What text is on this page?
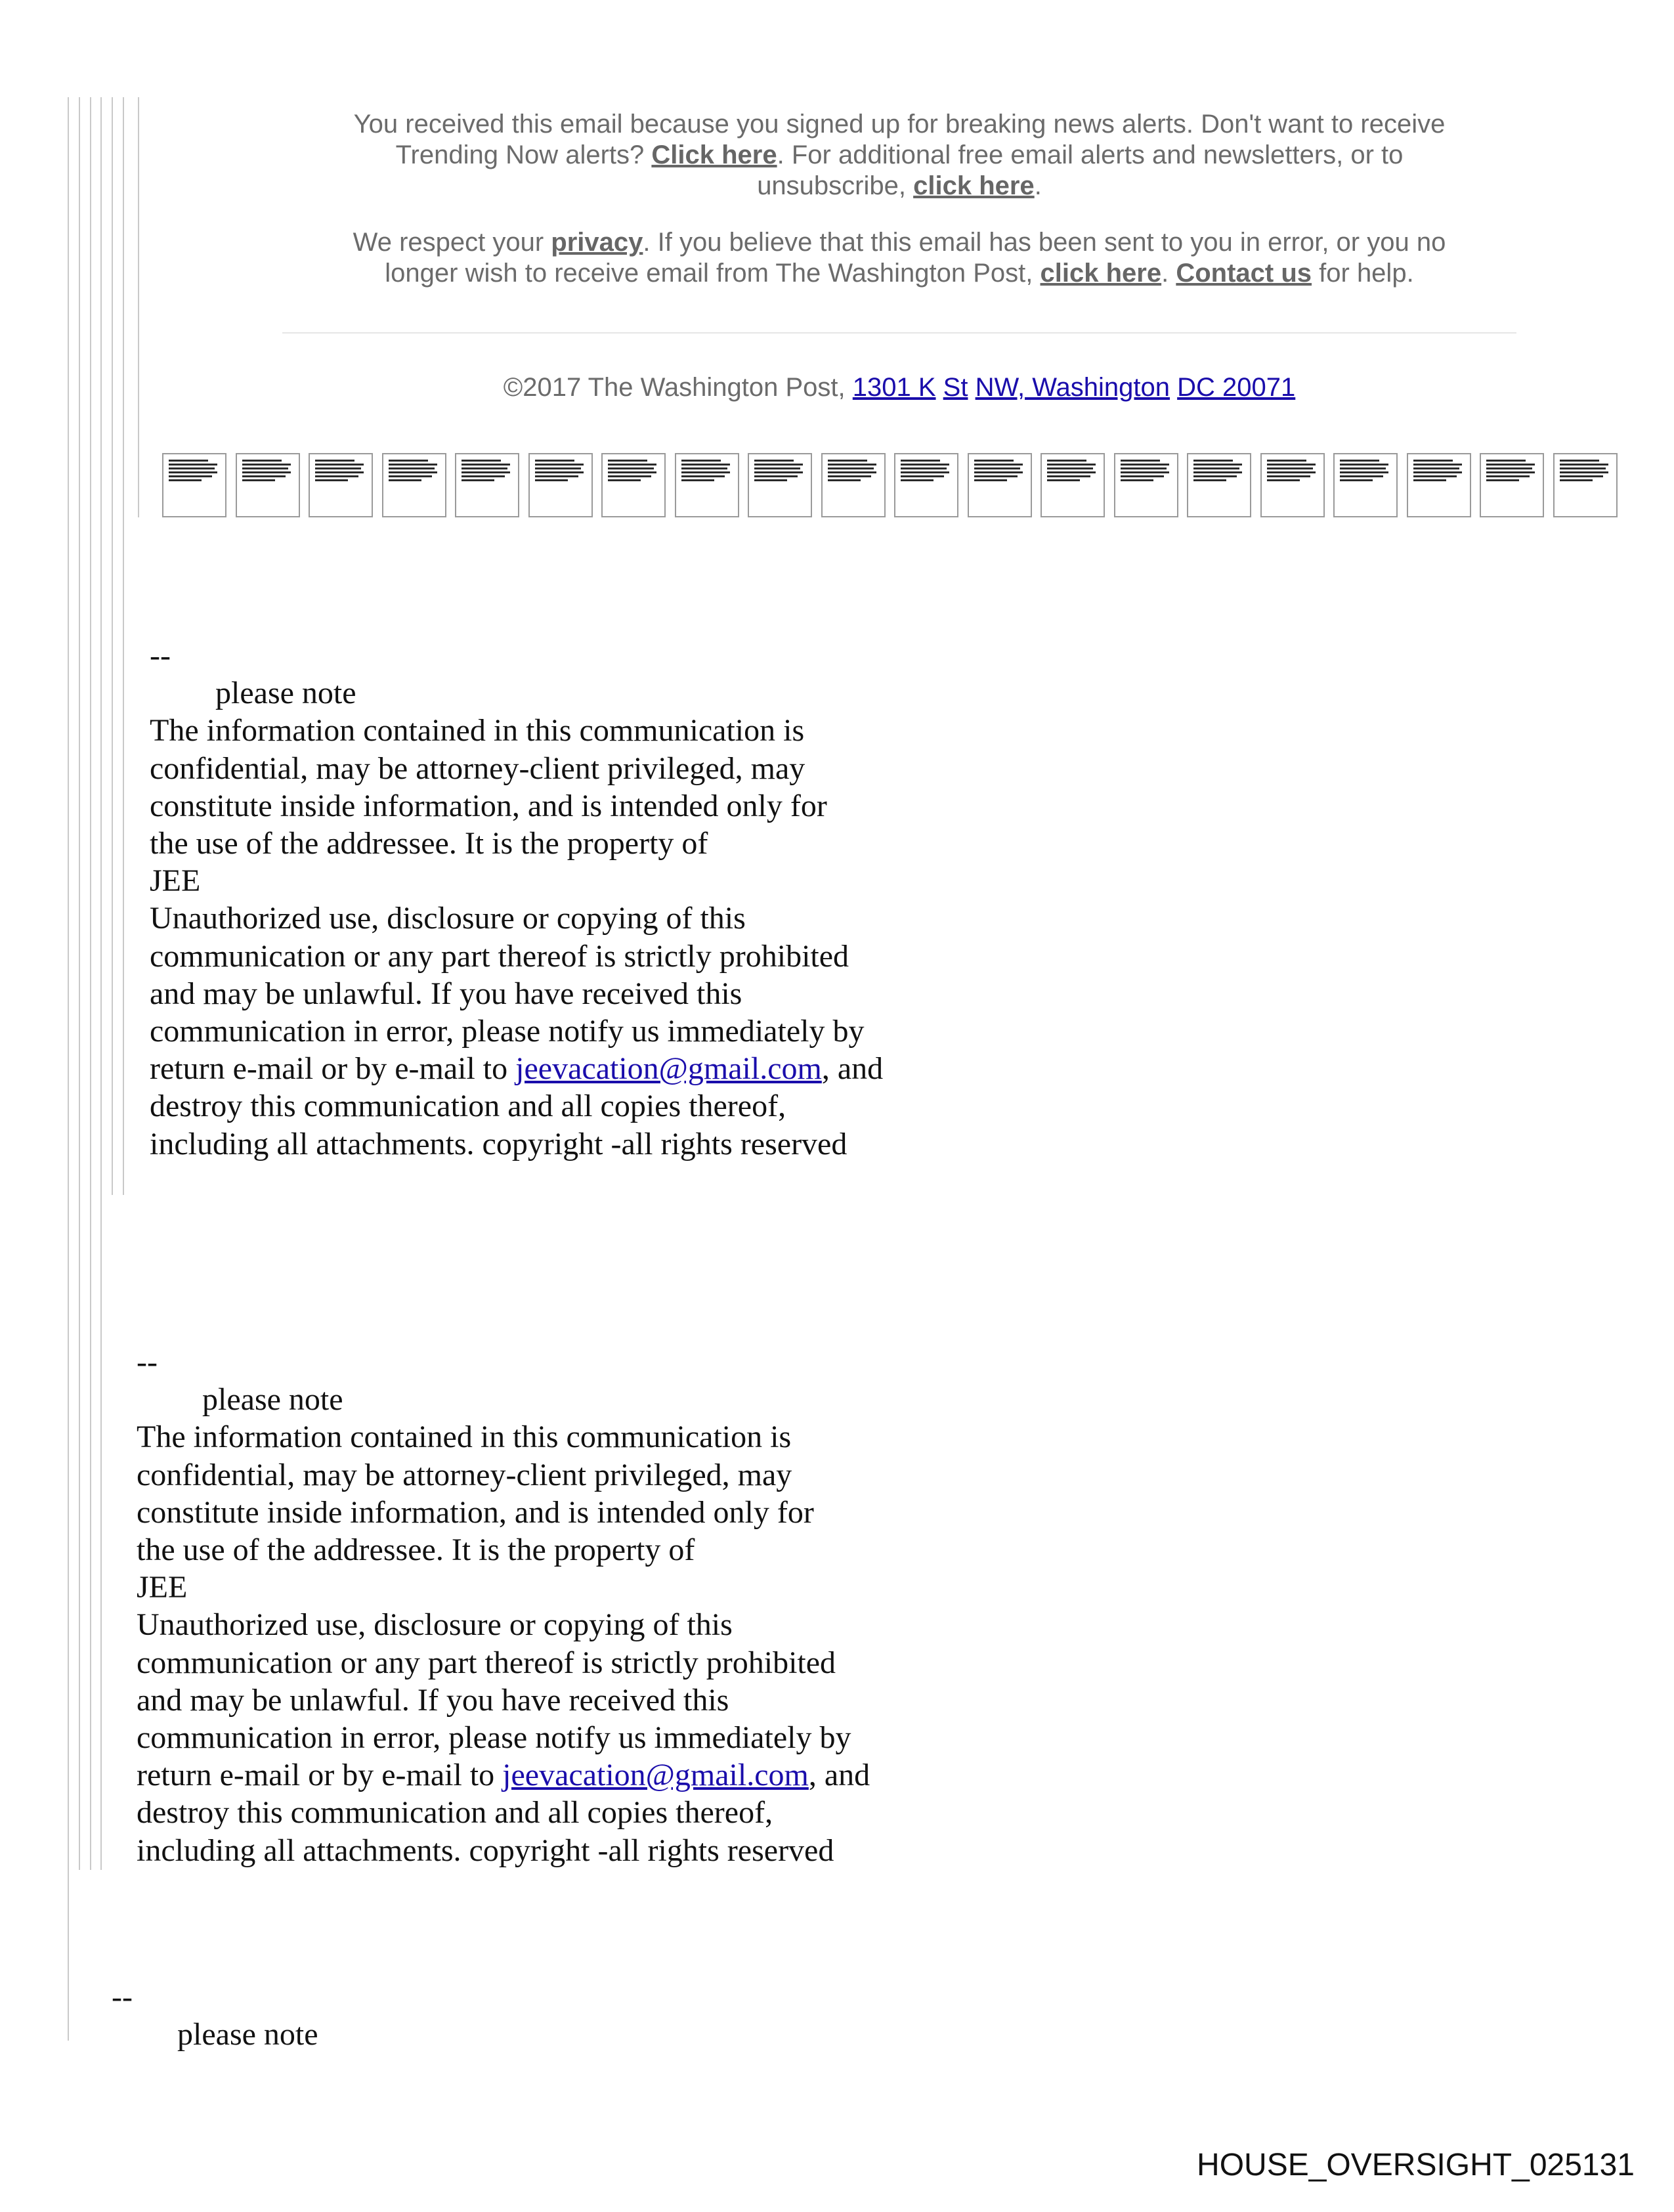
You received this email because you signed up for breaking news alerts. Don't want to receive
Trending Now alerts? Click here. For additional free email alerts and newsletters, or to
unsubscribe, click here.
We respect your privacy. If you believe that this email has been sent to you in error, or you no
longer wish to receive email from The Washington Post, click here. Contact us for help.
©2017 The Washington Post, 1301 K St NW, Washington DC 20071
--
please note
The information contained in this communication is
confidential, may be attorney-client privileged, may
constitute inside information, and is intended only for
the use of the addressee. It is the property of
JEE
Unauthorized use, disclosure or copying of this
communication or any part thereof is strictly prohibited
and may be unlawful. If you have received this
communication in error, please notify us immediately by
return e-mail or by e-mail to jeevacation@gmail.com, and
destroy this communication and all copies thereof,
including all attachments. copyright -all rights reserved
--
please note
The information contained in this communication is
confidential, may be attorney-client privileged, may
constitute inside information, and is intended only for
the use of the addressee. It is the property of
JEE
Unauthorized use, disclosure or copying of this
communication or any part thereof is strictly prohibited
and may be unlawful. If you have received this
communication in error, please notify us immediately by
return e-mail or by e-mail to jeevacation@gmail.com, and
destroy this communication and all copies thereof,
including all attachments. copyright -all rights reserved
--
please note
HOUSE_OVERSIGHT_025131
